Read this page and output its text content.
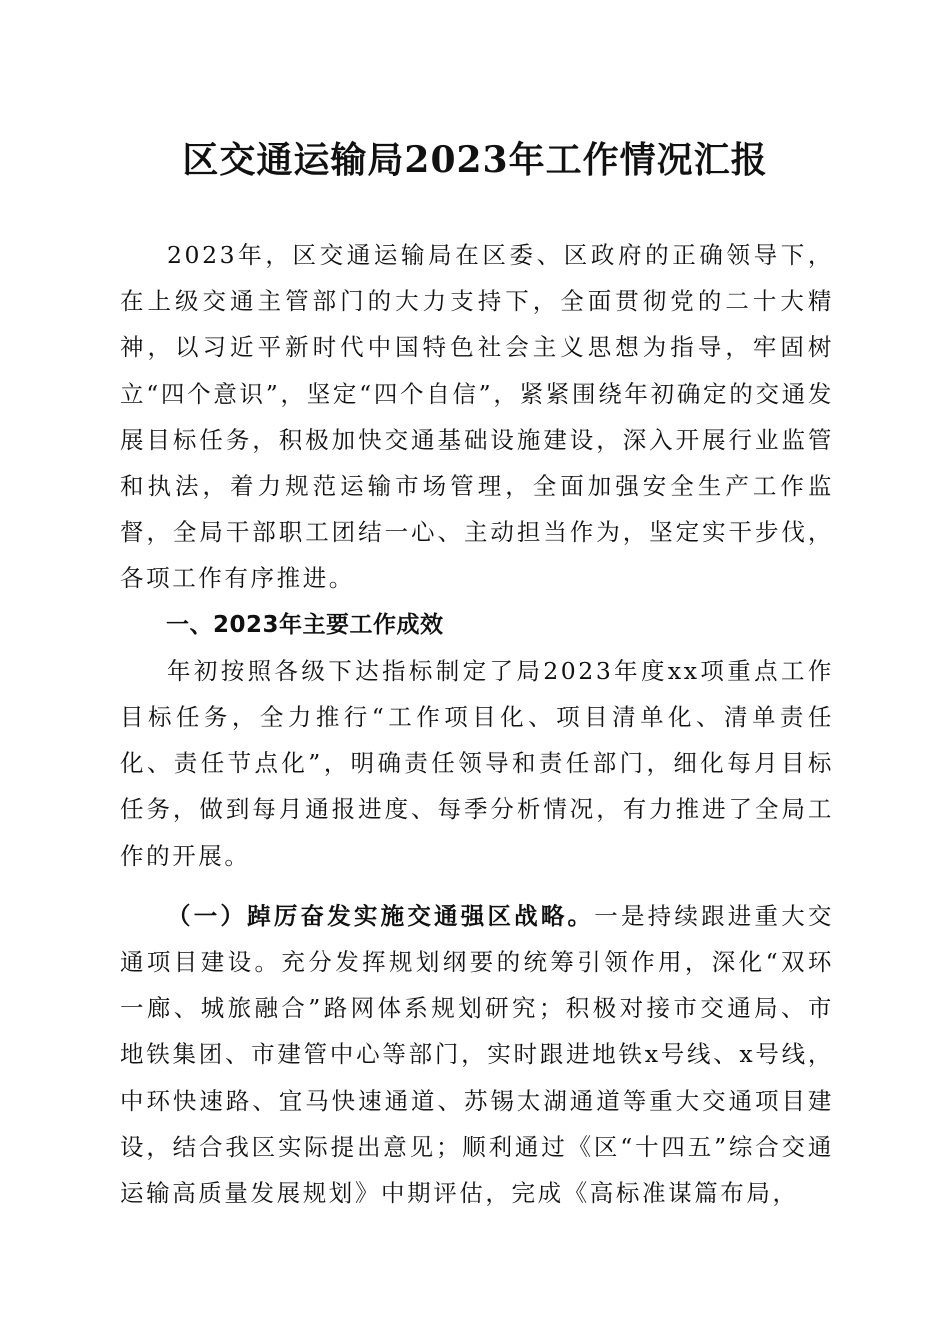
区交通运输局2023年工作情况汇报

2023年，区交通运输局在区委、区政府的正确领导下，在上级交通主管部门的大力支持下，全面贯彻党的二十大精神，以习近平新时代中国特色社会主义思想为指导，牢固树立“四个意识”，坚定“四个自信”，紧紧围绕年初确定的交通发展目标任务，积极加快交通基础设施建设，深入开展行业监管和执法，着力规范运输市场管理，全面加强安全生产工作监督，全局干部职工团结一心、主动担当作为，坚定实干步伐，各项工作有序推进。

一、2023年主要工作成效

年初按照各级下达指标制定了局2023年度xx项重点工作目标任务，全力推行“工作项目化、项目清单化、清单责任化、责任节点化”，明确责任领导和责任部门，细化每月目标任务，做到每月通报进度、每季分析情况，有力推进了全局工作的开展。

（一）踔厉奋发实施交通强区战略。一是持续跟进重大交通项目建设。充分发挥规划纲要的统筹引领作用，深化“双环一廊、城旅融合”路网体系规划研究；积极对接市交通局、市地铁集团、市建管中心等部门，实时跟进地铁x号线、x号线，中环快速路、宜马快速通道、苏锡太湖通道等重大交通项目建设，结合我区实际提出意见；顺利通过《区“十四五”综合交通运输高质量发展规划》中期评估，完成《高标准谋篇布局，
